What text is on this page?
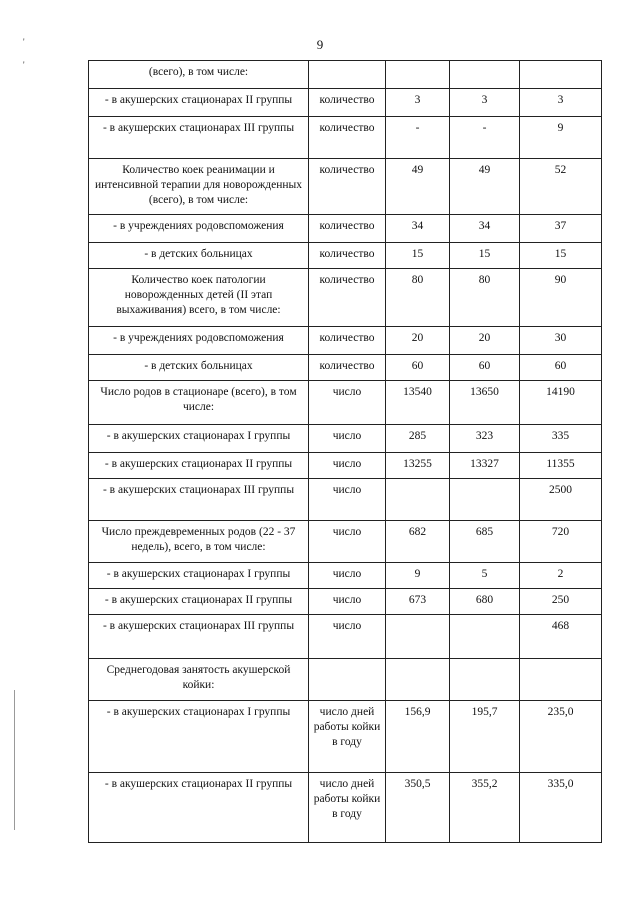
9
'
'
(всего), в том числе:				
- в акушерских стационарах II группы	количество	3	3	3
- в акушерских стационарах III группы	количество	-	-	9
Количество коек реанимации и интенсивной терапии для новорожденных (всего), в том числе:	количество	49	49	52
- в учреждениях родовспоможения	количество	34	34	37
- в детских больницах	количество	15	15	15
Количество коек патологии новорожденных детей (II этап выхаживания) всего, в том числе:	количество	80	80	90
- в учреждениях родовспоможения	количество	20	20	30
- в детских больницах	количество	60	60	60
Число родов в стационаре (всего), в том числе:	число	13540	13650	14190
- в акушерских стационарах I группы	число	285	323	335
- в акушерских стационарах II группы	число	13255	13327	11355
- в акушерских стационарах III группы	число			2500
Число преждевременных родов (22 - 37 недель), всего, в том числе:	число	682	685	720
- в акушерских стационарах I группы	число	9	5	2
- в акушерских стационарах II группы	число	673	680	250
- в акушерских стационарах III группы	число			468
Среднегодовая занятость акушерской койки:				
- в акушерских стационарах I группы	число дней работы койки в году	156,9	195,7	235,0
- в акушерских стационарах II группы	число дней работы койки в году	350,5	355,2	335,0
